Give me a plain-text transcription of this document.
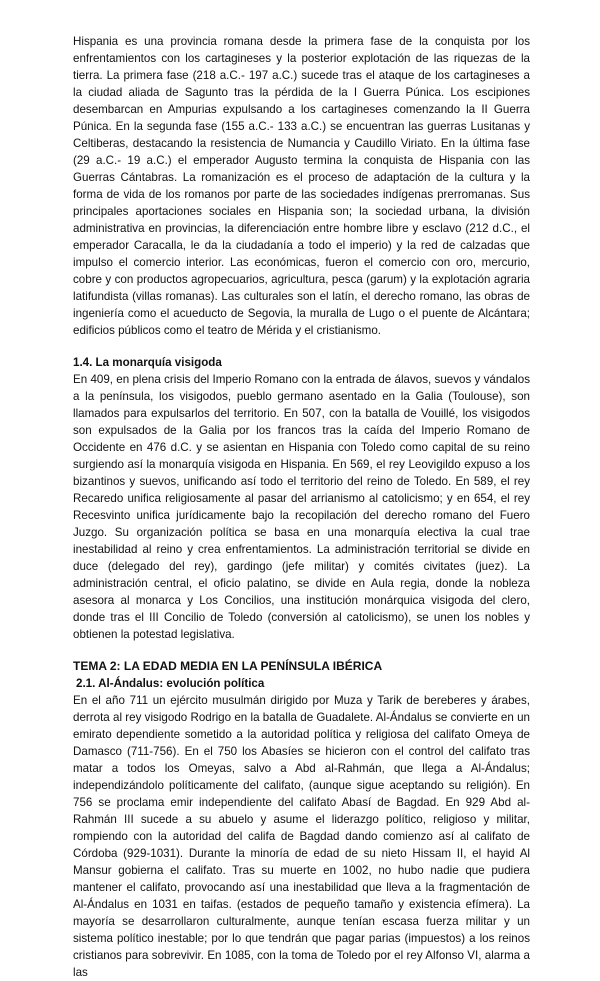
Hispania es una provincia romana desde la primera fase de la conquista por los enfrentamientos con los cartagineses y la posterior explotación de las riquezas de la tierra. La primera fase (218 a.C.- 197 a.C.) sucede tras el ataque de los cartagineses a la ciudad aliada de Sagunto tras la pérdida de la I Guerra Púnica. Los escipiones desembarcan en Ampurias expulsando a los cartagineses comenzando la II Guerra Púnica. En la segunda fase (155 a.C.- 133 a.C.) se encuentran las guerras Lusitanas y Celtiberas, destacando la resistencia de Numancia y Caudillo Viriato. En la última fase (29 a.C.- 19 a.C.) el emperador Augusto termina la conquista de Hispania con las Guerras Cántabras. La romanización es el proceso de adaptación de la cultura y la forma de vida de los romanos por parte de las sociedades indígenas prerromanas. Sus principales aportaciones sociales en Hispania son; la sociedad urbana, la división administrativa en provincias, la diferenciación entre hombre libre y esclavo (212 d.C., el emperador Caracalla, le da la ciudadanía a todo el imperio) y la red de calzadas que impulso el comercio interior. Las económicas, fueron el comercio con oro, mercurio, cobre y con productos agropecuarios, agricultura, pesca (garum) y la explotación agraria latifundista (villas romanas). Las culturales son el latín, el derecho romano, las obras de ingeniería como el acueducto de Segovia, la muralla de Lugo o el puente de Alcántara; edificios públicos como el teatro de Mérida y el cristianismo.

1.4. La monarquía visigoda

En 409, en plena crisis del Imperio Romano con la entrada de álavos, suevos y vándalos a la península, los visigodos, pueblo germano asentado en la Galia (Toulouse), son llamados para expulsarlos del territorio. En 507, con la batalla de Vouillé, los visigodos son expulsados de la Galia por los francos tras la caída del Imperio Romano de Occidente en 476 d.C. y se asientan en Hispania con Toledo como capital de su reino surgiendo así la monarquía visigoda en Hispania. En 569, el rey Leovigildo expuso a los bizantinos y suevos, unificando así todo el territorio del reino de Toledo. En 589, el rey Recaredo unifica religiosamente al pasar del arrianismo al catolicismo; y en 654, el rey Recesvinto unifica jurídicamente bajo la recopilación del derecho romano del Fuero Juzgo. Su organización política se basa en una monarquía electiva la cual trae inestabilidad al reino y crea enfrentamientos. La administración territorial se divide en duce (delegado del rey), gardingo (jefe militar) y comités civitates (juez). La administración central, el oficio palatino, se divide en Aula regia, donde la nobleza asesora al monarca y Los Concilios, una institución monárquica visigoda del clero, donde tras el III Concilio de Toledo (conversión al catolicismo), se unen los nobles y obtienen la potestad legislativa.

TEMA 2: LA EDAD MEDIA EN LA PENÍNSULA IBÉRICA

2.1. Al-Ándalus: evolución política

En el año 711 un ejército musulmán dirigido por Muza y Tarik de bereberes y árabes, derrota al rey visigodo Rodrigo en la batalla de Guadalete. Al-Ándalus se convierte en un emirato dependiente sometido a la autoridad política y religiosa del califato Omeya de Damasco (711-756). En el 750 los Abasíes se hicieron con el control del califato tras matar a todos los Omeyas, salvo a Abd al-Rahmán, que llega a Al-Ándalus; independizándolo políticamente del califato, (aunque sigue aceptando su religión). En 756 se proclama emir independiente del califato Abasí de Bagdad. En 929 Abd al-Rahmán III sucede a su abuelo y asume el liderazgo político, religioso y militar, rompiendo con la autoridad del califa de Bagdad dando comienzo así al califato de Córdoba (929-1031). Durante la minoría de edad de su nieto Hissam II, el hayid Al Mansur gobierna el califato. Tras su muerte en 1002, no hubo nadie que pudiera mantener el califato, provocando así una inestabilidad que lleva a la fragmentación de Al-Ándalus en 1031 en taifas. (estados de pequeño tamaño y existencia efímera). La mayoría se desarrollaron culturalmente, aunque tenían escasa fuerza militar y un sistema político inestable; por lo que tendrán que pagar parias (impuestos) a los reinos cristianos para sobrevivir. En 1085, con la toma de Toledo por el rey Alfonso VI, alarma a las
